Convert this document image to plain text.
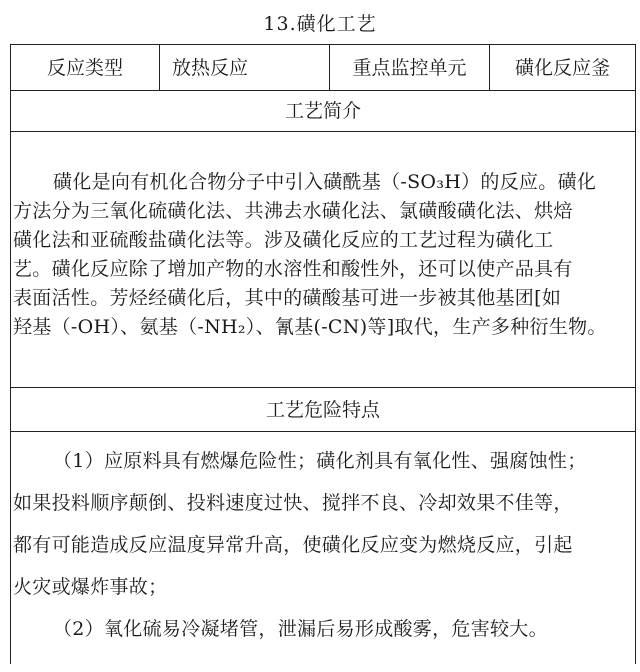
13.磺化工艺
反应类型	放热反应	重点监控单元	磺化反应釜
工艺简介
磺化是向有机化合物分子中引入磺酰基（-SO₃H）的反应。磺化
方法分为三氧化硫磺化法、共沸去水磺化法、氯磺酸磺化法、烘焙
磺化法和亚硫酸盐磺化法等。涉及磺化反应的工艺过程为磺化工
艺。磺化反应除了增加产物的水溶性和酸性外，还可以使产品具有
表面活性。芳烃经磺化后，其中的磺酸基可进一步被其他基团[如
羟基（-OH）、氨基（-NH₂）、氰基(-CN)等]取代，生产多种衍生物。
工艺危险特点
（1）应原料具有燃爆危险性；磺化剂具有氧化性、强腐蚀性；
如果投料顺序颠倒、投料速度过快、搅拌不良、冷却效果不佳等，
都有可能造成反应温度异常升高，使磺化反应变为燃烧反应，引起
火灾或爆炸事故；
（2）氧化硫易冷凝堵管，泄漏后易形成酸雾，危害较大。
